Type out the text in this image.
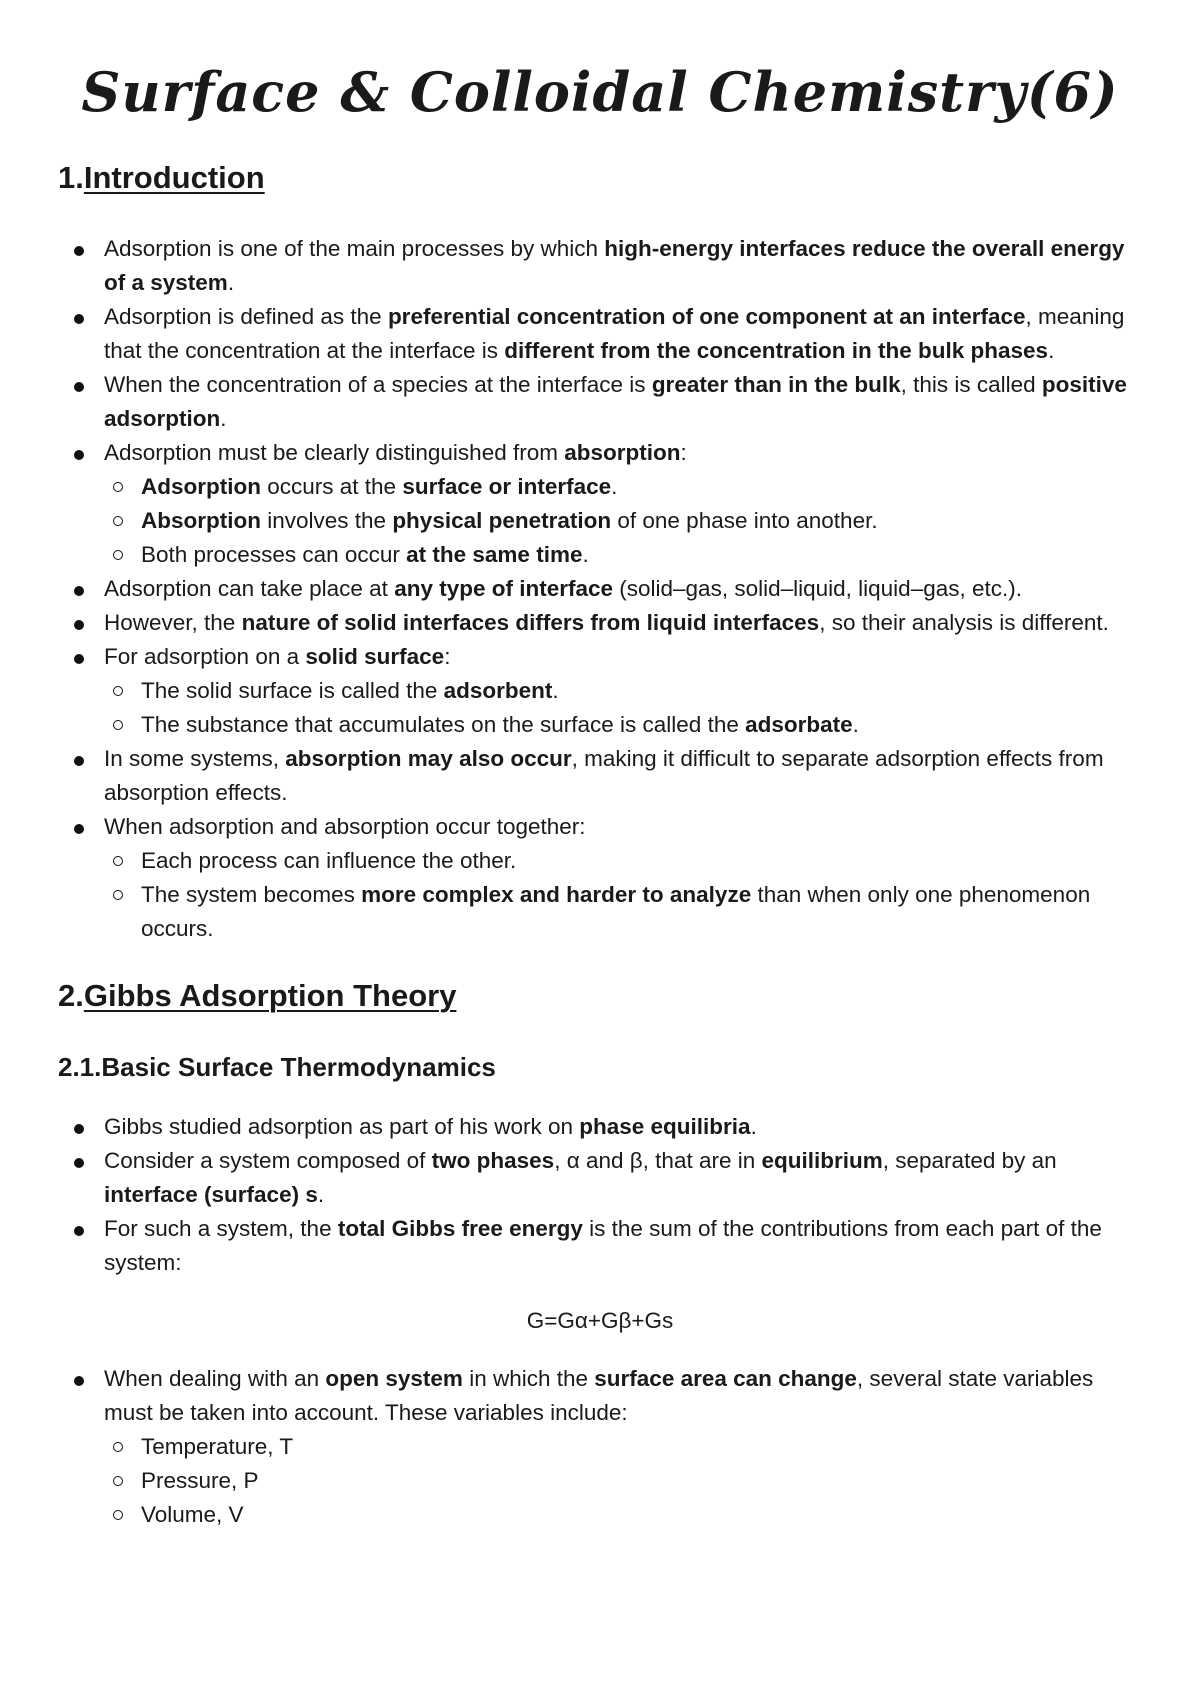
Surface & Colloidal Chemistry(6)
1.Introduction
Adsorption is one of the main processes by which high-energy interfaces reduce the overall energy of a system.
Adsorption is defined as the preferential concentration of one component at an interface, meaning that the concentration at the interface is different from the concentration in the bulk phases.
When the concentration of a species at the interface is greater than in the bulk, this is called positive adsorption.
Adsorption must be clearly distinguished from absorption:
Adsorption occurs at the surface or interface.
Absorption involves the physical penetration of one phase into another.
Both processes can occur at the same time.
Adsorption can take place at any type of interface (solid–gas, solid–liquid, liquid–gas, etc.).
However, the nature of solid interfaces differs from liquid interfaces, so their analysis is different.
For adsorption on a solid surface:
The solid surface is called the adsorbent.
The substance that accumulates on the surface is called the adsorbate.
In some systems, absorption may also occur, making it difficult to separate adsorption effects from absorption effects.
When adsorption and absorption occur together:
Each process can influence the other.
The system becomes more complex and harder to analyze than when only one phenomenon occurs.
2.Gibbs Adsorption Theory
2.1.Basic Surface Thermodynamics
Gibbs studied adsorption as part of his work on phase equilibria.
Consider a system composed of two phases, α and β, that are in equilibrium, separated by an interface (surface) s.
For such a system, the total Gibbs free energy is the sum of the contributions from each part of the system:
G=Gα+Gβ+Gs
When dealing with an open system in which the surface area can change, several state variables must be taken into account. These variables include:
Temperature, T
Pressure, P
Volume, V
